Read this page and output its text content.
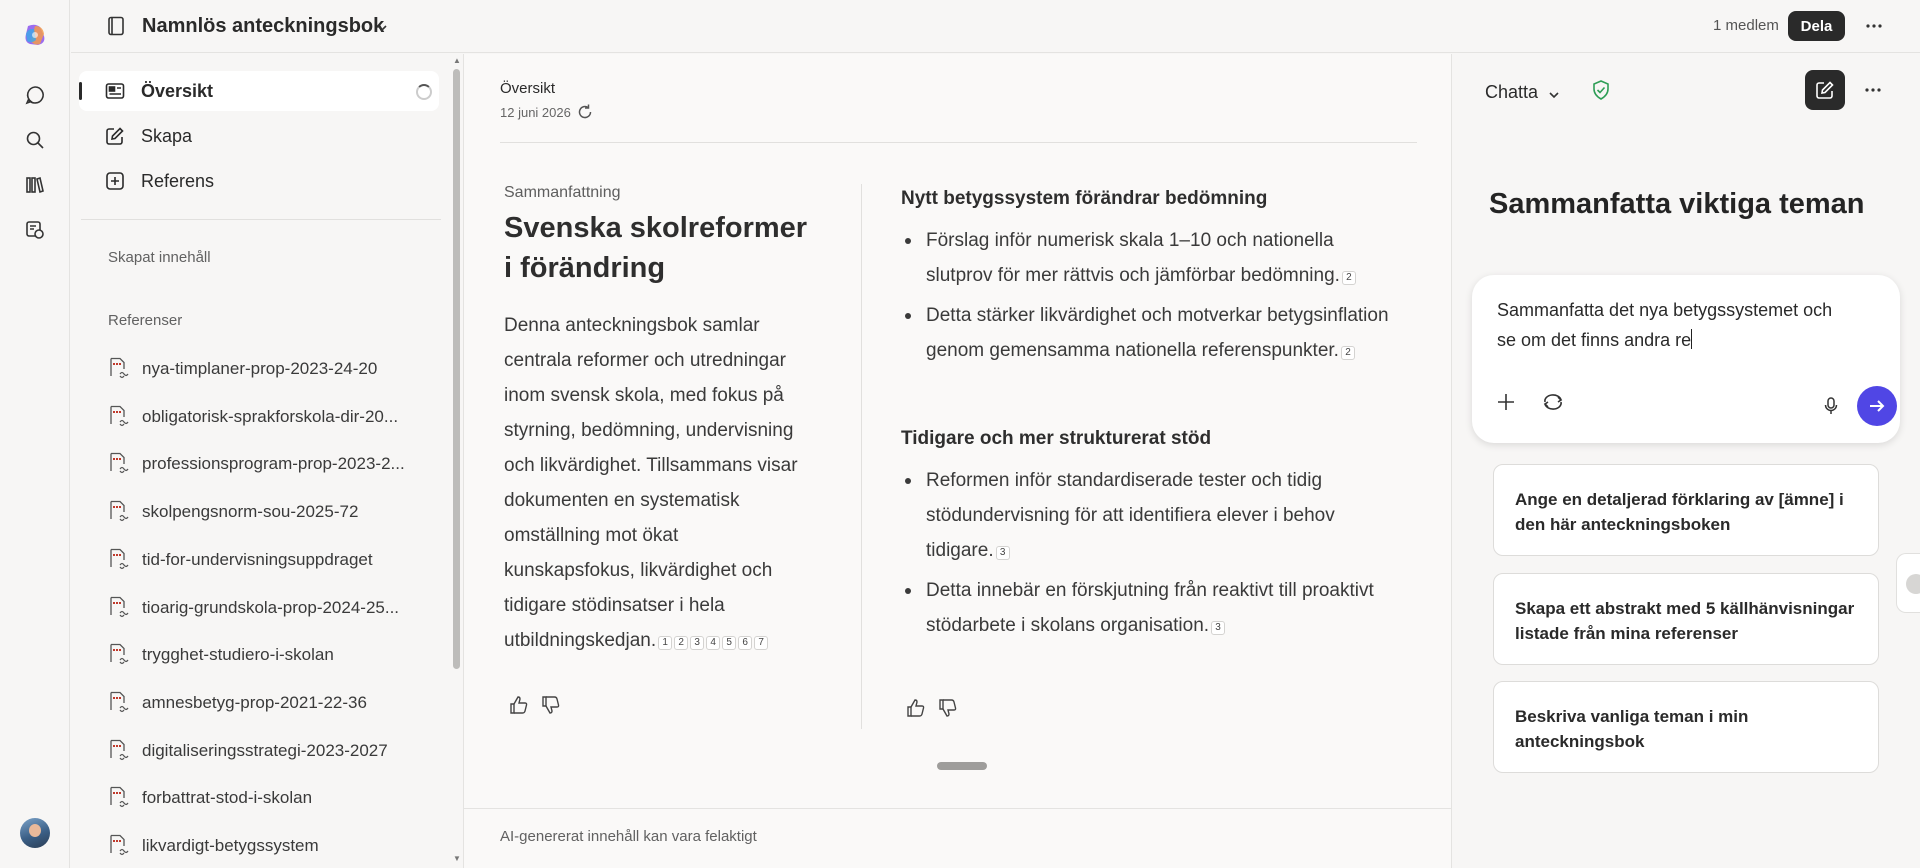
Namnlös anteckningsbok	1 medlem	Dela
Översikt
Skapa
Referens
Skapat innehåll
Referenser
nya-timplaner-prop-2023-24-20
obligatorisk-sprakforskola-dir-20...
professionsprogram-prop-2023-2...
skolpengsnorm-sou-2025-72
tid-for-undervisningsuppdraget
tioarig-grundskola-prop-2024-25...
trygghet-studiero-i-skolan
amnesbetyg-prop-2021-22-36
digitaliseringsstrategi-2023-2027
forbattrat-stod-i-skolan
likvardigt-betygssystem
▲
▼
Översikt
12 juni 2026
Sammanfattning
Svenska skolreformer i förändring
Denna anteckningsbok samlar centrala reformer och utredningar inom svensk skola, med fokus på styrning, bedömning, undervisning och likvärdighet. Tillsammans visar dokumenten en systematisk omställning mot ökat kunskapsfokus, likvärdighet och tidigare stödinsatser i hela utbildningskedjan. 1 2 3 4 5 6 7
Nytt betygssystem förändrar bedömning
Förslag inför numerisk skala 1–10 och nationella slutprov för mer rättvis och jämförbar bedömning. 2
Detta stärker likvärdighet och motverkar betygsinflation genom gemensamma nationella referenspunkter. 2
Tidigare och mer strukturerat stöd
Reformen inför standardiserade tester och tidig stödundervisning för att identifiera elever i behov tidigare. 3
Detta innebär en förskjutning från reaktivt till proaktivt stödarbete i skolans organisation. 3
AI-genererat innehåll kan vara felaktigt
Chatta
Sammanfatta viktiga teman
Sammanfatta det nya betygssystemet och se om det finns andra re
Ange en detaljerad förklaring av [ämne] i den här anteckningsboken
Skapa ett abstrakt med 5 källhänvisningar listade från mina referenser
Beskriva vanliga teman i min anteckningsbok
